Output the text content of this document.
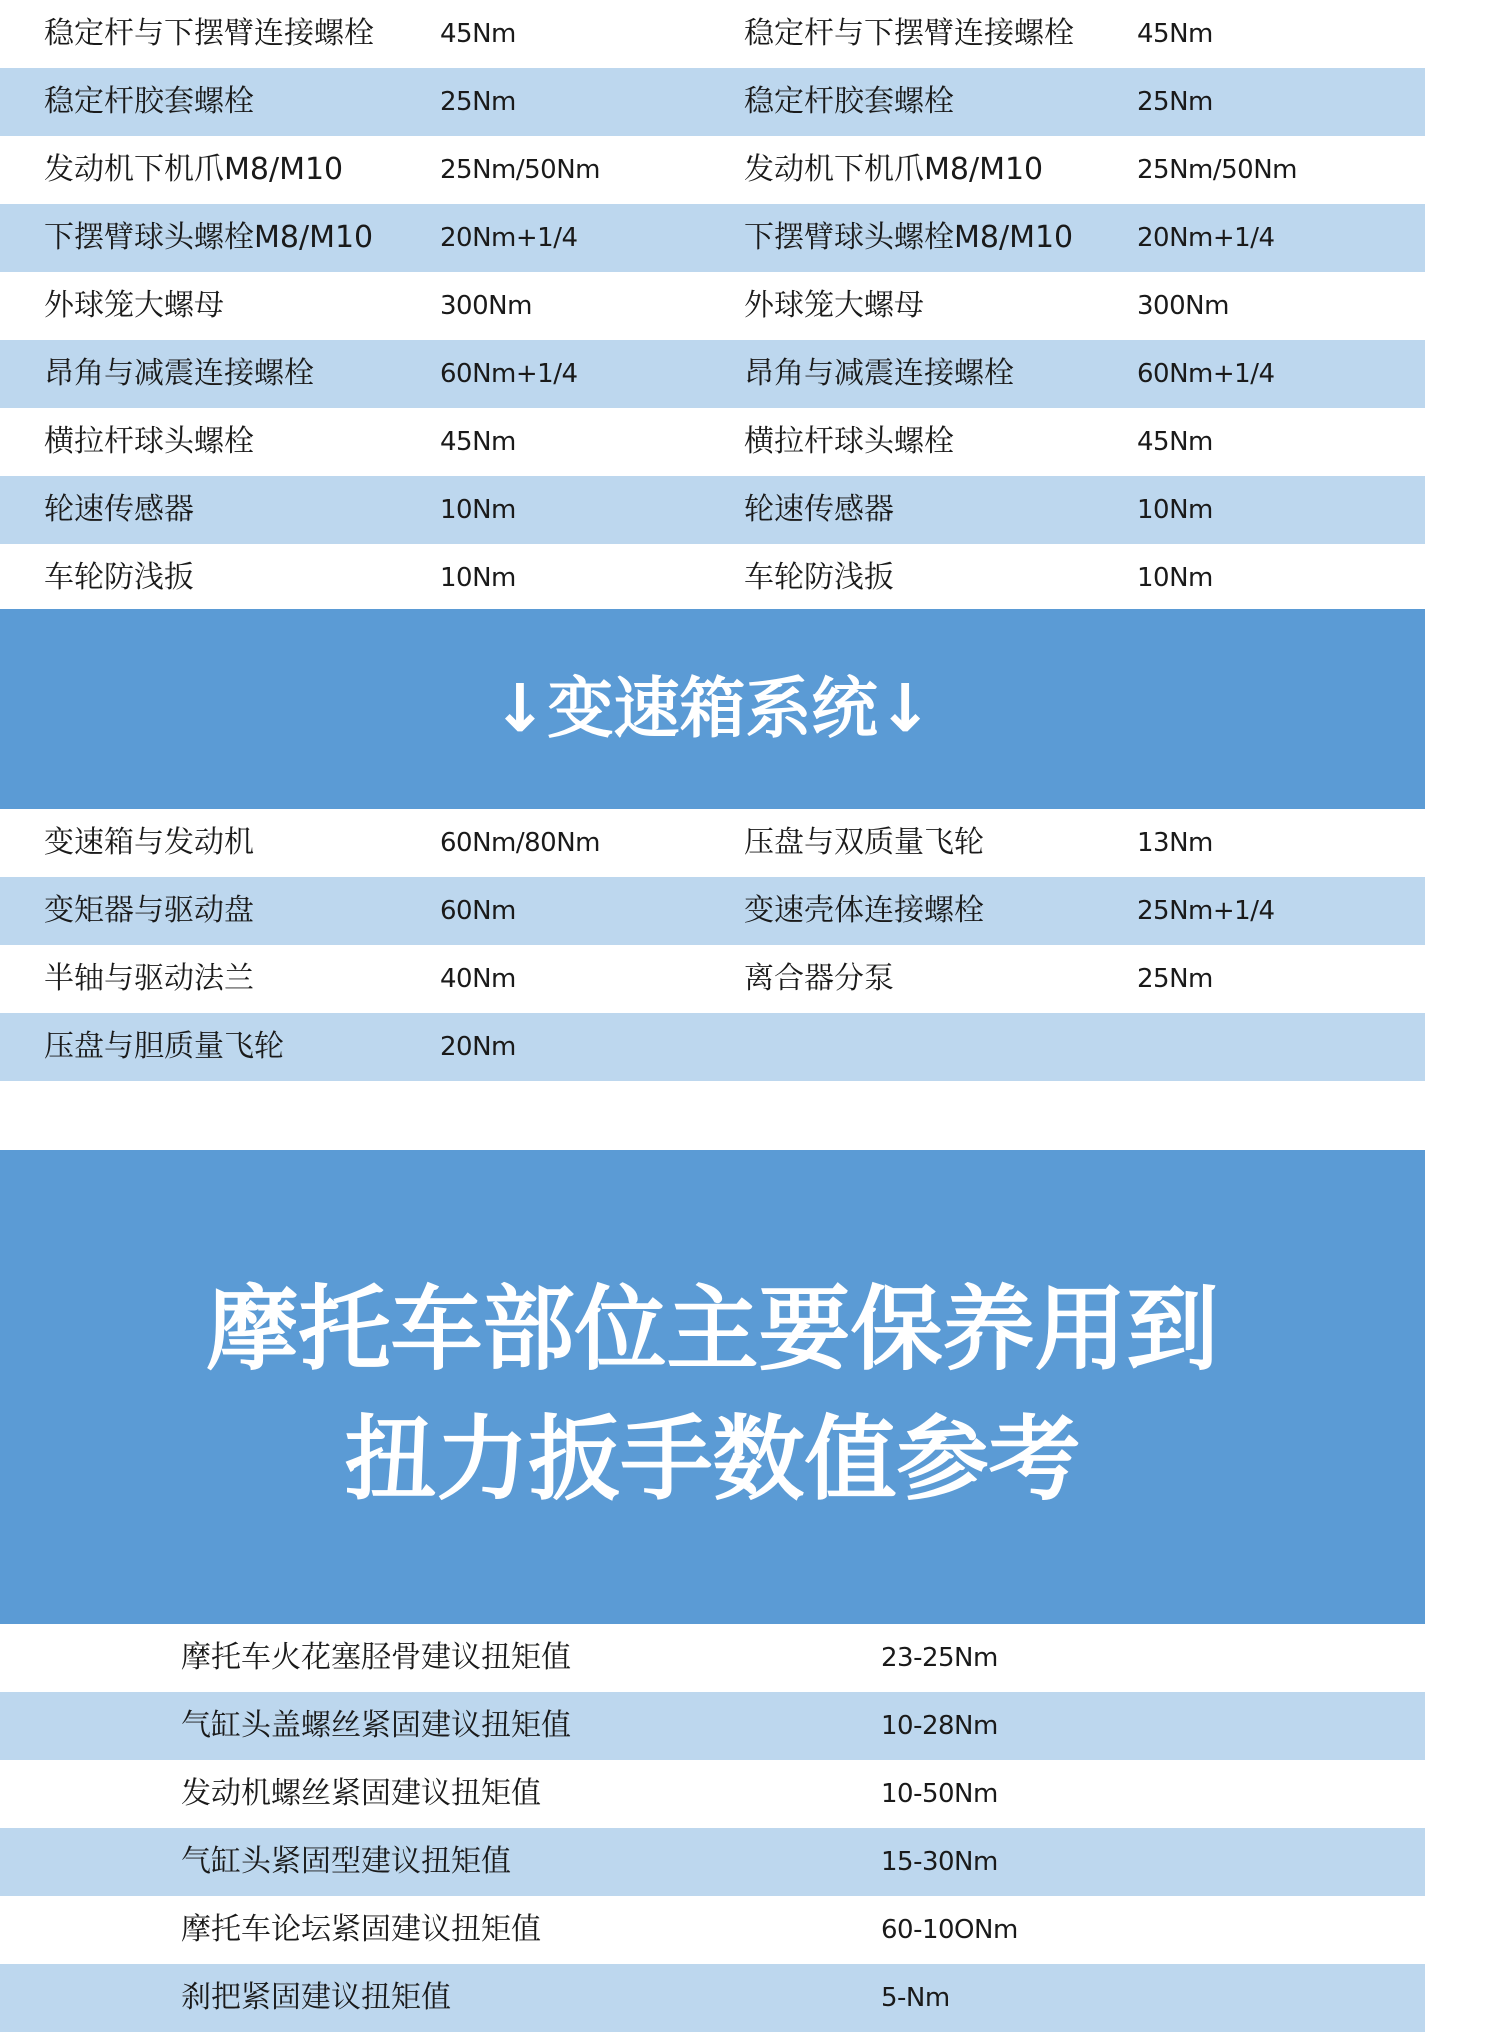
稳定杆与下摆臂连接螺栓	45Nm	稳定杆与下摆臂连接螺栓 45Nm
稳定杆胶套螺栓	25Nm	稳定杆胶套螺栓	25Nm
发动机下机爪M8/M10	25Nm/50Nm	发动机下机爪M8/M10	25Nm/50Nm
下摆臂球头螺栓M8/M10	20Nm+1/4	下摆臂球头螺栓M8/M10 20Nm+1/4
外球笼大螺母	300Nm	外球笼大螺母	300Nm
昂角与减震连接螺栓	60Nm+1/4	昂角与减震连接螺栓	60Nm+1/4
横拉杆球头螺栓	45Nm	横拉杆球头螺栓	45Nm
轮速传感器	10Nm	轮速传感器	10Nm
车轮防浅扳	10Nm	车轮防浅扳	10Nm
↓变速箱系统↓
变速箱与发动机	60Nm/80Nm	压盘与双质量飞轮	13Nm
变矩器与驱动盘	60Nm	变速壳体连接螺栓	25Nm+1/4
半轴与驱动法兰	40Nm	离合器分泵	25Nm
压盘与胆质量飞轮	20Nm
摩托车部位主要保养用到
扭力扳手数值参考
摩托车火花塞胫骨建议扭矩值	23-25Nm
气缸头盖螺丝紧固建议扭矩值	10-28Nm
发动机螺丝紧固建议扭矩值	10-50Nm
气缸头紧固型建议扭矩值	15-30Nm
摩托车论坛紧固建议扭矩值	60-10ONm
刹把紧固建议扭矩值	5-Nm
